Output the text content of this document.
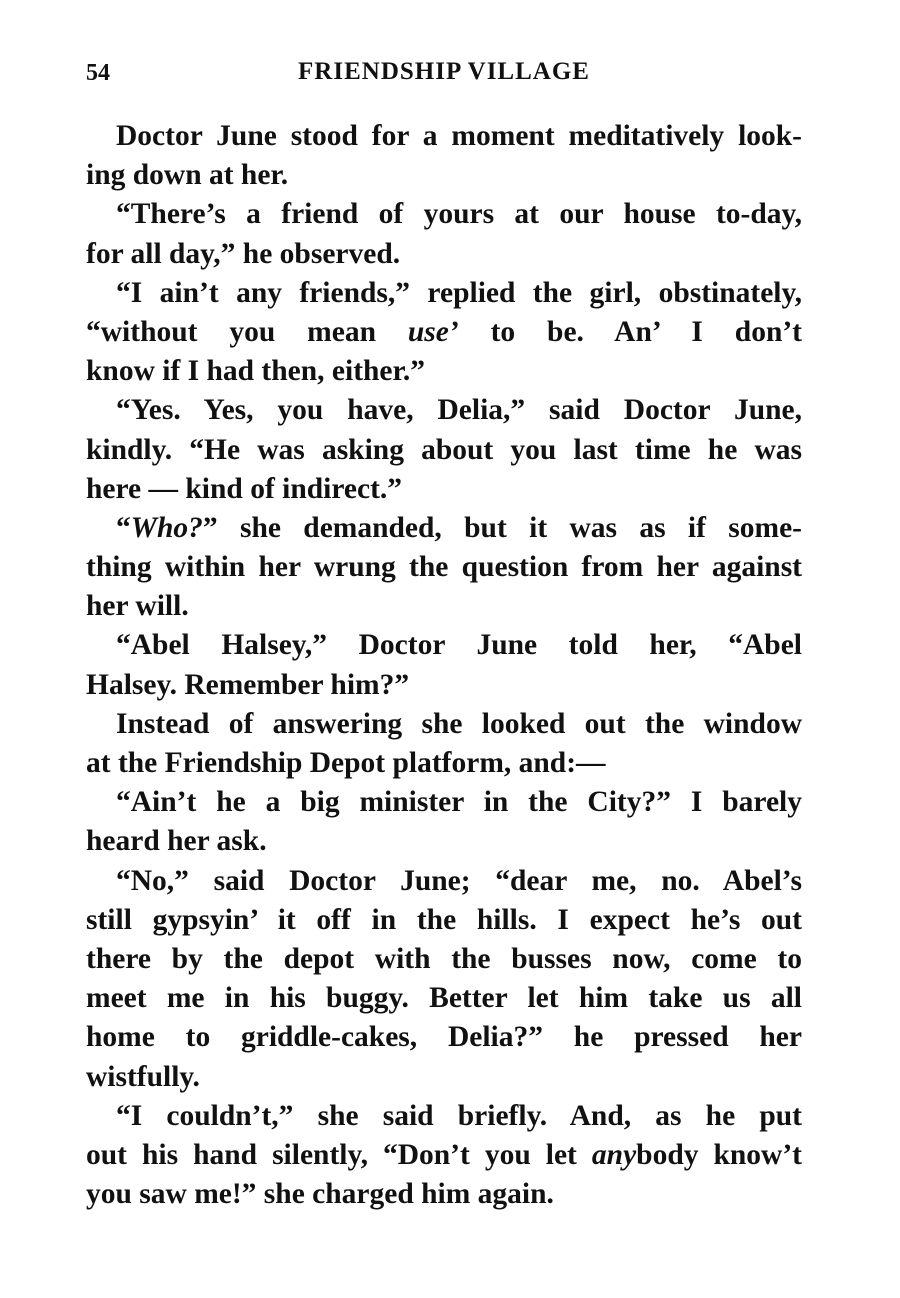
54	FRIENDSHIP VILLAGE
Doctor June stood for a moment meditatively look-
ing down at her.
“There’s a friend of yours at our house to-day,
for all day,” he observed.
“I ain’t any friends,” replied the girl, obstinately,
“without you mean use’ to be. An’ I don’t
know if I had then, either.”
“Yes. Yes, you have, Delia,” said Doctor June,
kindly. “He was asking about you last time he was
here — kind of indirect.”
“Who?” she demanded, but it was as if some-
thing within her wrung the question from her against
her will.
“Abel Halsey,” Doctor June told her, “Abel
Halsey. Remember him?”
Instead of answering she looked out the window
at the Friendship Depot platform, and:—
“Ain’t he a big minister in the City?” I barely
heard her ask.
“No,” said Doctor June; “dear me, no. Abel’s
still gypsyin’ it off in the hills. I expect he’s out
there by the depot with the busses now, come to
meet me in his buggy. Better let him take us all
home to griddle-cakes, Delia?” he pressed her
wistfully.
“I couldn’t,” she said briefly. And, as he put
out his hand silently, “Don’t you let anybody know’t
you saw me!” she charged him again.
